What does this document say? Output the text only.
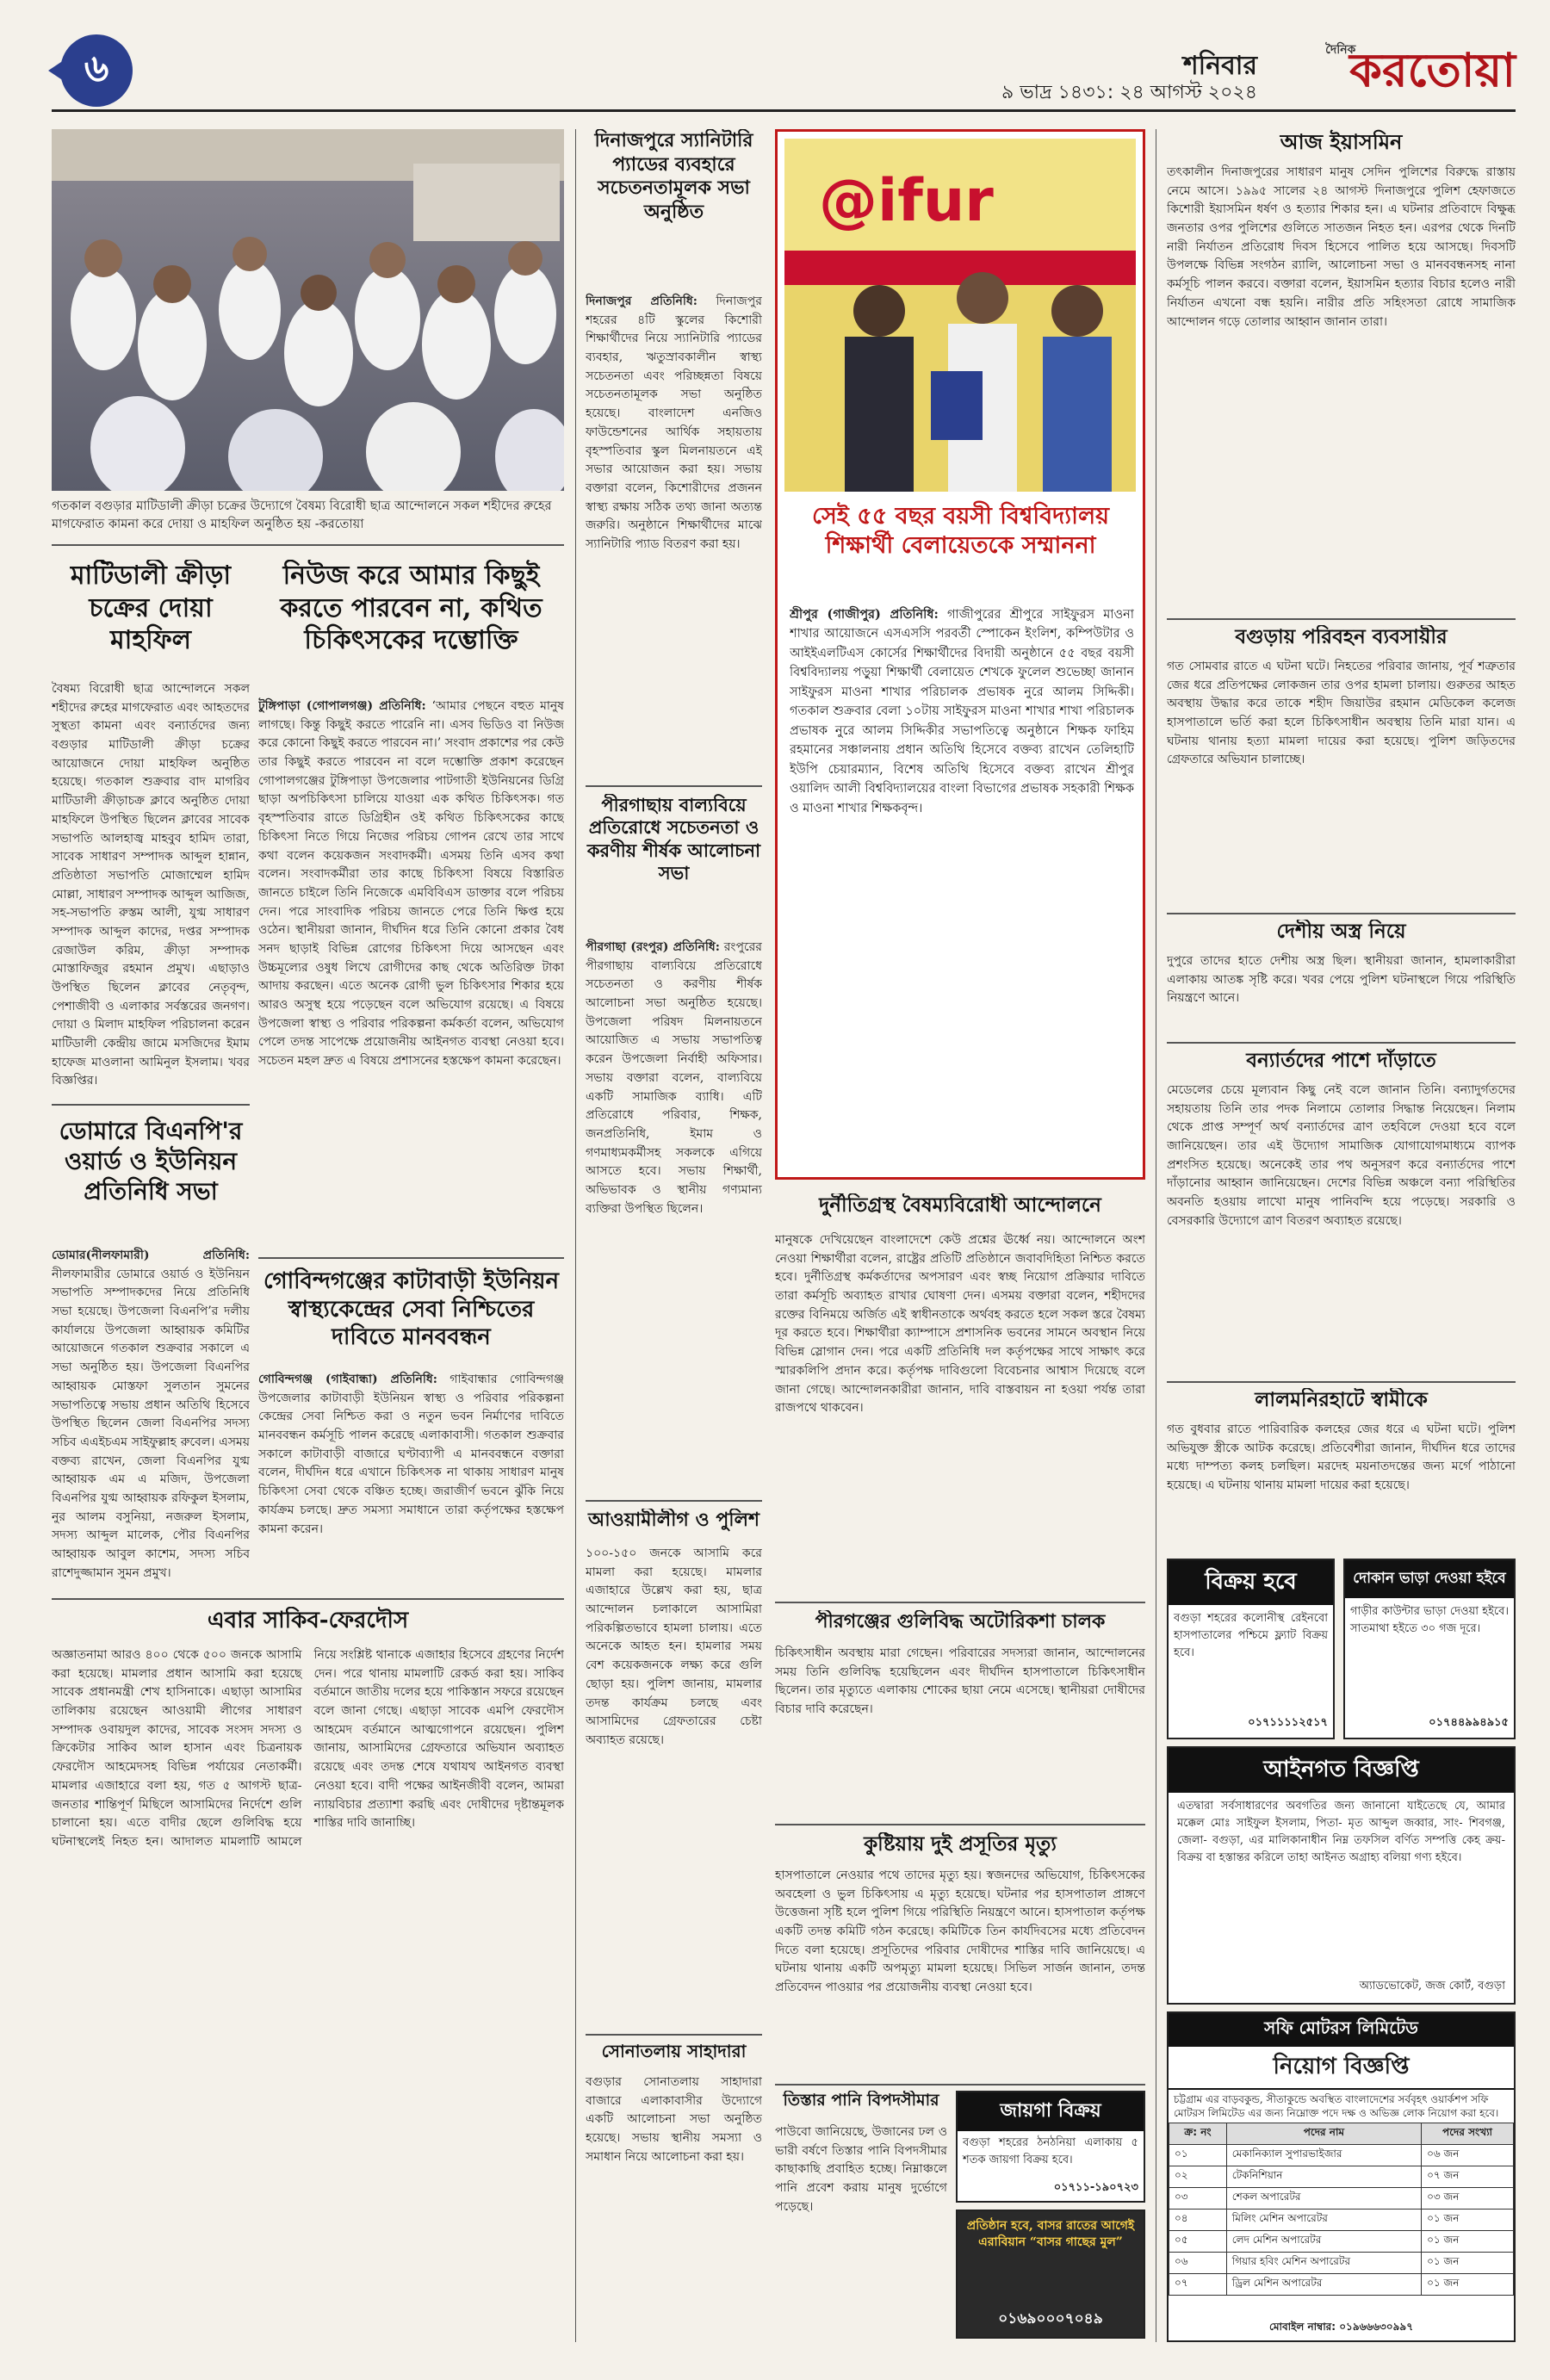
৬	শনিবার
৯ ভাদ্র ১৪৩১: ২৪ আগস্ট ২০২৪
দৈনিক
করতোয়া
গতকাল বগুড়ার মাটিডালী ক্রীড়া চক্রের উদ্যোগে বৈষম্য বিরোধী ছাত্র আন্দোলনে সকল শহীদের রুহের মাগফেরাত কামনা করে দোয়া ও মাহফিল অনুষ্ঠিত হয় -করতোয়া
মাটিডালী ক্রীড়া চক্রের দোয়া মাহফিল
বৈষম্য বিরোধী ছাত্র আন্দোলনে সকল শহীদের রুহের মাগফেরাত এবং আহতদের সুস্থতা কামনা এবং বন্যার্তদের জন্য বগুড়ার মাটিডালী ক্রীড়া চক্রের আয়োজনে দোয়া মাহফিল অনুষ্ঠিত হয়েছে। গতকাল শুক্রবার বাদ মাগরিব মাটিডালী ক্রীড়াচক্র ক্লাবে অনুষ্ঠিত দোয়া মাহফিলে উপস্থিত ছিলেন ক্লাবের সাবেক সভাপতি আলহাজ্ব মাহবুব হামিদ তারা, সাবেক সাধারণ সম্পাদক আব্দুল হান্নান, প্রতিষ্ঠাতা সভাপতি মোজাম্মেল হামিদ মোল্লা, সাধারণ সম্পাদক আব্দুল আজিজ, সহ-সভাপতি রুস্তম আলী, যুগ্ম সাধারণ সম্পাদক আব্দুল কাদের, দপ্তর সম্পাদক রেজাউল করিম, ক্রীড়া সম্পাদক মোস্তাফিজুর রহমান প্রমুখ। এছাড়াও উপস্থিত ছিলেন ক্লাবের নেতৃবৃন্দ, পেশাজীবী ও এলাকার সর্বস্তরের জনগণ। দোয়া ও মিলাদ মাহফিল পরিচালনা করেন মাটিডালী কেন্দ্রীয় জামে মসজিদের ইমাম হাফেজ মাওলানা আমিনুল ইসলাম। খবর বিজ্ঞপ্তির।
ডোমারে বিএনপি'র ওয়ার্ড ও ইউনিয়ন প্রতিনিধি সভা
ডোমার(নীলফামারী) প্রতিনিধি: নীলফামারীর ডোমারে ওয়ার্ড ও ইউনিয়ন সভাপতি সম্পাদকদের নিয়ে প্রতিনিধি সভা হয়েছে। উপজেলা বিএনপি’র দলীয় কার্যালয়ে উপজেলা আহ্বায়ক কমিটির আয়োজনে গতকাল শুক্রবার সকালে এ সভা অনুষ্ঠিত হয়। উপজেলা বিএনপির আহ্বায়ক মোস্তফা সুলতান সুমনের সভাপতিত্বে সভায় প্রধান অতিথি হিসেবে উপস্থিত ছিলেন জেলা বিএনপির সদস্য সচিব এএইচএম সাইফুল্লাহ রুবেল। এসময় বক্তব্য রাখেন, জেলা বিএনপির যুগ্ম আহ্বায়ক এম এ মজিদ, উপজেলা বিএনপির যুগ্ম আহ্বায়ক রফিকুল ইসলাম, নুর আলম বসুনিয়া, নজরুল ইসলাম, সদস্য আব্দুল মালেক, পৌর বিএনপির আহ্বায়ক আবুল কাশেম, সদস্য সচিব রাশেদুজ্জামান সুমন প্রমুখ।
নিউজ করে আমার কিছুই করতে পারবেন না, কথিত চিকিৎসকের দম্ভোক্তি
টুঙ্গিপাড়া (গোপালগঞ্জ) প্রতিনিধি: ‘আমার পেছনে বহুত মানুষ লাগছে। কিন্তু কিছুই করতে পারেনি না। এসব ভিডিও বা নিউজ করে কোনো কিছুই করতে পারবেন না।’ সংবাদ প্রকাশের পর কেউ তার কিছুই করতে পারবেন না বলে দম্ভোক্তি প্রকাশ করেছেন গোপালগঞ্জের টুঙ্গিপাড়া উপজেলার পাটগাতী ইউনিয়নের ডিগ্রি ছাড়া অপচিকিৎসা চালিয়ে যাওয়া এক কথিত চিকিৎসক। গত বৃহস্পতিবার রাতে ডিগ্রিহীন ওই কথিত চিকিৎসকের কাছে চিকিৎসা নিতে গিয়ে নিজের পরিচয় গোপন রেখে তার সাথে কথা বলেন কয়েকজন সংবাদকর্মী। এসময় তিনি এসব কথা বলেন। সংবাদকর্মীরা তার কাছে চিকিৎসা বিষয়ে বিস্তারিত জানতে চাইলে তিনি নিজেকে এমবিবিএস ডাক্তার বলে পরিচয় দেন। পরে সাংবাদিক পরিচয় জানতে পেরে তিনি ক্ষিপ্ত হয়ে ওঠেন। স্থানীয়রা জানান, দীর্ঘদিন ধরে তিনি কোনো প্রকার বৈধ সনদ ছাড়াই বিভিন্ন রোগের চিকিৎসা দিয়ে আসছেন এবং উচ্চমূল্যের ওষুধ লিখে রোগীদের কাছ থেকে অতিরিক্ত টাকা আদায় করছেন। এতে অনেক রোগী ভুল চিকিৎসার শিকার হয়ে আরও অসুস্থ হয়ে পড়েছেন বলে অভিযোগ রয়েছে। এ বিষয়ে উপজেলা স্বাস্থ্য ও পরিবার পরিকল্পনা কর্মকর্তা বলেন, অভিযোগ পেলে তদন্ত সাপেক্ষে প্রয়োজনীয় আইনগত ব্যবস্থা নেওয়া হবে। সচেতন মহল দ্রুত এ বিষয়ে প্রশাসনের হস্তক্ষেপ কামনা করেছেন।
গোবিন্দগঞ্জের কাটাবাড়ী ইউনিয়ন স্বাস্থ্যকেন্দ্রের সেবা নিশ্চিতের দাবিতে মানববন্ধন
গোবিন্দগঞ্জ (গাইবান্ধা) প্রতিনিধি: গাইবান্ধার গোবিন্দগঞ্জ উপজেলার কাটাবাড়ী ইউনিয়ন স্বাস্থ্য ও পরিবার পরিকল্পনা কেন্দ্রের সেবা নিশ্চিত করা ও নতুন ভবন নির্মাণের দাবিতে মানববন্ধন কর্মসূচি পালন করেছে এলাকাবাসী। গতকাল শুক্রবার সকালে কাটাবাড়ী বাজারে ঘণ্টাব্যাপী এ মানববন্ধনে বক্তারা বলেন, দীর্ঘদিন ধরে এখানে চিকিৎসক না থাকায় সাধারণ মানুষ চিকিৎসা সেবা থেকে বঞ্চিত হচ্ছে। জরাজীর্ণ ভবনে ঝুঁকি নিয়ে কার্যক্রম চলছে। দ্রুত সমস্যা সমাধানে তারা কর্তৃপক্ষের হস্তক্ষেপ কামনা করেন।
এবার সাকিব-ফেরদৌস
অজ্ঞাতনামা আরও ৪০০ থেকে ৫০০ জনকে আসামি করা হয়েছে। মামলার প্রধান আসামি করা হয়েছে সাবেক প্রধানমন্ত্রী শেখ হাসিনাকে। এছাড়া আসামির তালিকায় রয়েছেন আওয়ামী লীগের সাধারণ সম্পাদক ওবায়দুল কাদের, সাবেক সংসদ সদস্য ও ক্রিকেটার সাকিব আল হাসান এবং চিত্রনায়ক ফেরদৌস আহমেদসহ বিভিন্ন পর্যায়ের নেতাকর্মী। মামলার এজাহারে বলা হয়, গত ৫ আগস্ট ছাত্র-জনতার শান্তিপূর্ণ মিছিলে আসামিদের নির্দেশে গুলি চালানো হয়। এতে বাদীর ছেলে গুলিবিদ্ধ হয়ে ঘটনাস্থলেই নিহত হন। আদালত মামলাটি আমলে নিয়ে সংশ্লিষ্ট থানাকে এজাহার হিসেবে গ্রহণের নির্দেশ দেন। পরে থানায় মামলাটি রেকর্ড করা হয়। সাকিব বর্তমানে জাতীয় দলের হয়ে পাকিস্তান সফরে রয়েছেন বলে জানা গেছে। এছাড়া সাবেক এমপি ফেরদৌস আহমেদ বর্তমানে আত্মগোপনে রয়েছেন। পুলিশ জানায়, আসামিদের গ্রেফতারে অভিযান অব্যাহত রয়েছে এবং তদন্ত শেষে যথাযথ আইনগত ব্যবস্থা নেওয়া হবে। বাদী পক্ষের আইনজীবী বলেন, আমরা ন্যায়বিচার প্রত্যাশা করছি এবং দোষীদের দৃষ্টান্তমূলক শাস্তির দাবি জানাচ্ছি।
দিনাজপুরে স্যানিটারি প্যাডের ব্যবহারে সচেতনতামূলক সভা অনুষ্ঠিত
দিনাজপুর প্রতিনিধি: দিনাজপুর শহরের ৪টি স্কুলের কিশোরী শিক্ষার্থীদের নিয়ে স্যানিটারি প্যাডের ব্যবহার, ঋতুস্রাবকালীন স্বাস্থ্য সচেতনতা এবং পরিচ্ছন্নতা বিষয়ে সচেতনতামূলক সভা অনুষ্ঠিত হয়েছে। বাংলাদেশ এনজিও ফাউন্ডেশনের আর্থিক সহায়তায় বৃহস্পতিবার স্কুল মিলনায়তনে এই সভার আয়োজন করা হয়। সভায় বক্তারা বলেন, কিশোরীদের প্রজনন স্বাস্থ্য রক্ষায় সঠিক তথ্য জানা অত্যন্ত জরুরি। অনুষ্ঠানে শিক্ষার্থীদের মাঝে স্যানিটারি প্যাড বিতরণ করা হয়।
পীরগাছায় বাল্যবিয়ে প্রতিরোধে সচেতনতা ও করণীয় শীর্ষক আলোচনা সভা
পীরগাছা (রংপুর) প্রতিনিধি: রংপুরের পীরগাছায় বাল্যবিয়ে প্রতিরোধে সচেতনতা ও করণীয় শীর্ষক আলোচনা সভা অনুষ্ঠিত হয়েছে। উপজেলা পরিষদ মিলনায়তনে আয়োজিত এ সভায় সভাপতিত্ব করেন উপজেলা নির্বাহী অফিসার। সভায় বক্তারা বলেন, বাল্যবিয়ে একটি সামাজিক ব্যাধি। এটি প্রতিরোধে পরিবার, শিক্ষক, জনপ্রতিনিধি, ইমাম ও গণমাধ্যমকর্মীসহ সকলকে এগিয়ে আসতে হবে। সভায় শিক্ষার্থী, অভিভাবক ও স্থানীয় গণ্যমান্য ব্যক্তিরা উপস্থিত ছিলেন।
আওয়ামীলীগ ও পুলিশ
১০০-১৫০ জনকে আসামি করে মামলা করা হয়েছে। মামলার এজাহারে উল্লেখ করা হয়, ছাত্র আন্দোলন চলাকালে আসামিরা পরিকল্পিতভাবে হামলা চালায়। এতে অনেকে আহত হন। হামলার সময় বেশ কয়েকজনকে লক্ষ্য করে গুলি ছোড়া হয়। পুলিশ জানায়, মামলার তদন্ত কার্যক্রম চলছে এবং আসামিদের গ্রেফতারের চেষ্টা অব্যাহত রয়েছে।
সোনাতলায় সাহাদারা
বগুড়ার সোনাতলায় সাহাদারা বাজারে এলাকাবাসীর উদ্যোগে একটি আলোচনা সভা অনুষ্ঠিত হয়েছে। সভায় স্থানীয় সমস্যা ও সমাধান নিয়ে আলোচনা করা হয়।
@ifur
সেই ৫৫ বছর বয়সী বিশ্ববিদ্যালয় শিক্ষার্থী বেলায়েতকে সম্মাননা
শ্রীপুর (গাজীপুর) প্রতিনিধি: গাজীপুরের শ্রীপুরে সাইফুরস মাওনা শাখার আয়োজনে এসএসসি পরবর্তী স্পোকেন ইংলিশ, কম্পিউটার ও আইইএলটিএস কোর্সের শিক্ষার্থীদের বিদায়ী অনুষ্ঠানে ৫৫ বছর বয়সী বিশ্ববিদ্যালয় পড়ুয়া শিক্ষার্থী বেলায়েত শেখকে ফুলেল শুভেচ্ছা জানান সাইফুরস মাওনা শাখার পরিচালক প্রভাষক নুরে আলম সিদ্দিকী। গতকাল শুক্রবার বেলা ১০টায় সাইফুরস মাওনা শাখার শাখা পরিচালক প্রভাষক নুরে আলম সিদ্দিকীর সভাপতিত্বে অনুষ্ঠানে শিক্ষক ফাহিম রহমানের সঞ্চালনায় প্রধান অতিথি হিসেবে বক্তব্য রাখেন তেলিহাটি ইউপি চেয়ারম্যান, বিশেষ অতিথি হিসেবে বক্তব্য রাখেন শ্রীপুর ওয়ালিদ আলী বিশ্ববিদ্যালয়ের বাংলা বিভাগের প্রভাষক সহকারী শিক্ষক ও মাওনা শাখার শিক্ষকবৃন্দ।
দুর্নীতিগ্রস্থ বৈষম্যবিরোধী আন্দোলনে
মানুষকে দেখিয়েছেন বাংলাদেশে কেউ প্রশ্নের ঊর্ধ্বে নয়। আন্দোলনে অংশ নেওয়া শিক্ষার্থীরা বলেন, রাষ্ট্রের প্রতিটি প্রতিষ্ঠানে জবাবদিহিতা নিশ্চিত করতে হবে। দুর্নীতিগ্রস্থ কর্মকর্তাদের অপসারণ এবং স্বচ্ছ নিয়োগ প্রক্রিয়ার দাবিতে তারা কর্মসূচি অব্যাহত রাখার ঘোষণা দেন। এসময় বক্তারা বলেন, শহীদদের রক্তের বিনিময়ে অর্জিত এই স্বাধীনতাকে অর্থবহ করতে হলে সকল স্তরে বৈষম্য দূর করতে হবে। শিক্ষার্থীরা ক্যাম্পাসে প্রশাসনিক ভবনের সামনে অবস্থান নিয়ে বিভিন্ন স্লোগান দেন। পরে একটি প্রতিনিধি দল কর্তৃপক্ষের সাথে সাক্ষাৎ করে স্মারকলিপি প্রদান করে। কর্তৃপক্ষ দাবিগুলো বিবেচনার আশ্বাস দিয়েছে বলে জানা গেছে। আন্দোলনকারীরা জানান, দাবি বাস্তবায়ন না হওয়া পর্যন্ত তারা রাজপথে থাকবেন।
পীরগঞ্জের গুলিবিদ্ধ অটোরিকশা চালক
চিকিৎসাধীন অবস্থায় মারা গেছেন। পরিবারের সদস্যরা জানান, আন্দোলনের সময় তিনি গুলিবিদ্ধ হয়েছিলেন এবং দীর্ঘদিন হাসপাতালে চিকিৎসাধীন ছিলেন। তার মৃত্যুতে এলাকায় শোকের ছায়া নেমে এসেছে। স্থানীয়রা দোষীদের বিচার দাবি করেছেন।
কুষ্টিয়ায় দুই প্রসূতির মৃত্যু
হাসপাতালে নেওয়ার পথে তাদের মৃত্যু হয়। স্বজনদের অভিযোগ, চিকিৎসকের অবহেলা ও ভুল চিকিৎসায় এ মৃত্যু হয়েছে। ঘটনার পর হাসপাতাল প্রাঙ্গণে উত্তেজনা সৃষ্টি হলে পুলিশ গিয়ে পরিস্থিতি নিয়ন্ত্রণে আনে। হাসপাতাল কর্তৃপক্ষ একটি তদন্ত কমিটি গঠন করেছে। কমিটিকে তিন কার্যদিবসের মধ্যে প্রতিবেদন দিতে বলা হয়েছে। প্রসূতিদের পরিবার দোষীদের শাস্তির দাবি জানিয়েছে। এ ঘটনায় থানায় একটি অপমৃত্যু মামলা হয়েছে। সিভিল সার্জন জানান, তদন্ত প্রতিবেদন পাওয়ার পর প্রয়োজনীয় ব্যবস্থা নেওয়া হবে।
তিস্তার পানি বিপদসীমার
পাউবো জানিয়েছে, উজানের ঢল ও ভারী বর্ষণে তিস্তার পানি বিপদসীমার কাছাকাছি প্রবাহিত হচ্ছে। নিম্নাঞ্চলে পানি প্রবেশ করায় মানুষ দুর্ভোগে পড়েছে।
জায়গা বিক্রয়
বগুড়া শহরের ঠনঠনিয়া এলাকায় ৫ শতক জায়গা বিক্রয় হবে।
০১৭১১-১৯০৭২৩
প্রতিষ্ঠান হবে, বাসর রাতের আগেই এরাবিয়ান “বাসর গাছের মুল”
০১৬৯০০০৭০৪৯
আজ ইয়াসমিন
তৎকালীন দিনাজপুরের সাধারণ মানুষ সেদিন পুলিশের বিরুদ্ধে রাস্তায় নেমে আসে। ১৯৯৫ সালের ২৪ আগস্ট দিনাজপুরে পুলিশ হেফাজতে কিশোরী ইয়াসমিন ধর্ষণ ও হত্যার শিকার হন। এ ঘটনার প্রতিবাদে বিক্ষুব্ধ জনতার ওপর পুলিশের গুলিতে সাতজন নিহত হন। এরপর থেকে দিনটি নারী নির্যাতন প্রতিরোধ দিবস হিসেবে পালিত হয়ে আসছে। দিবসটি উপলক্ষে বিভিন্ন সংগঠন র‌্যালি, আলোচনা সভা ও মানববন্ধনসহ নানা কর্মসূচি পালন করবে। বক্তারা বলেন, ইয়াসমিন হত্যার বিচার হলেও নারী নির্যাতন এখনো বন্ধ হয়নি। নারীর প্রতি সহিংসতা রোধে সামাজিক আন্দোলন গড়ে তোলার আহ্বান জানান তারা।
বগুড়ায় পরিবহন ব্যবসায়ীর
গত সোমবার রাতে এ ঘটনা ঘটে। নিহতের পরিবার জানায়, পূর্ব শত্রুতার জের ধরে প্রতিপক্ষের লোকজন তার ওপর হামলা চালায়। গুরুতর আহত অবস্থায় উদ্ধার করে তাকে শহীদ জিয়াউর রহমান মেডিকেল কলেজ হাসপাতালে ভর্তি করা হলে চিকিৎসাধীন অবস্থায় তিনি মারা যান। এ ঘটনায় থানায় হত্যা মামলা দায়ের করা হয়েছে। পুলিশ জড়িতদের গ্রেফতারে অভিযান চালাচ্ছে।
দেশীয় অস্ত্র নিয়ে
দুপুরে তাদের হাতে দেশীয় অস্ত্র ছিল। স্থানীয়রা জানান, হামলাকারীরা এলাকায় আতঙ্ক সৃষ্টি করে। খবর পেয়ে পুলিশ ঘটনাস্থলে গিয়ে পরিস্থিতি নিয়ন্ত্রণে আনে।
বন্যার্তদের পাশে দাঁড়াতে
মেডেলের চেয়ে মূল্যবান কিছু নেই বলে জানান তিনি। বন্যাদুর্গতদের সহায়তায় তিনি তার পদক নিলামে তোলার সিদ্ধান্ত নিয়েছেন। নিলাম থেকে প্রাপ্ত সম্পূর্ণ অর্থ বন্যার্তদের ত্রাণ তহবিলে দেওয়া হবে বলে জানিয়েছেন। তার এই উদ্যোগ সামাজিক যোগাযোগমাধ্যমে ব্যাপক প্রশংসিত হয়েছে। অনেকেই তার পথ অনুসরণ করে বন্যার্তদের পাশে দাঁড়ানোর আহ্বান জানিয়েছেন। দেশের বিভিন্ন অঞ্চলে বন্যা পরিস্থিতির অবনতি হওয়ায় লাখো মানুষ পানিবন্দি হয়ে পড়েছে। সরকারি ও বেসরকারি উদ্যোগে ত্রাণ বিতরণ অব্যাহত রয়েছে।
লালমনিরহাটে স্বামীকে
গত বুধবার রাতে পারিবারিক কলহের জের ধরে এ ঘটনা ঘটে। পুলিশ অভিযুক্ত স্ত্রীকে আটক করেছে। প্রতিবেশীরা জানান, দীর্ঘদিন ধরে তাদের মধ্যে দাম্পত্য কলহ চলছিল। মরদেহ ময়নাতদন্তের জন্য মর্গে পাঠানো হয়েছে। এ ঘটনায় থানায় মামলা দায়ের করা হয়েছে।
বিক্রয় হবে
বগুড়া শহরের কলোনীস্থ রেইনবো হাসপাতালের পশ্চিমে ফ্ল্যাট বিক্রয় হবে।
০১৭১১১১২৫১৭
দোকান ভাড়া দেওয়া হইবে
গাড়ীর কাউন্টার ভাড়া দেওয়া হইবে। সাতমাথা হইতে ৩০ গজ দূরে।
০১৭৪৪৯৯৪৯১৫
আইনগত বিজ্ঞপ্তি
এতদ্বারা সর্বসাধারণের অবগতির জন্য জানানো যাইতেছে যে, আমার মক্কেল মোঃ সাইফুল ইসলাম, পিতা- মৃত আব্দুল জব্বার, সাং- শিবগঞ্জ, জেলা- বগুড়া, এর মালিকানাধীন নিম্ন তফসিল বর্ণিত সম্পত্তি কেহ ক্রয়-বিক্রয় বা হস্তান্তর করিলে তাহা আইনত অগ্রাহ্য বলিয়া গণ্য হইবে।
অ্যাডভোকেট, জজ কোর্ট, বগুড়া
সফি মোটরস লিমিটেড
নিয়োগ বিজ্ঞপ্তি
চট্টগ্রাম এর বাড়বকুন্ড, সীতাকুন্ডে অবস্থিত বাংলাদেশের সর্ববৃহৎ ওয়ার্কশপ সফি মোটরস লিমিটেড এর জন্য নিম্নোক্ত পদে দক্ষ ও অভিজ্ঞ লোক নিয়োগ করা হবে।
ক্র: নং	পদের নাম	পদের সংখ্যা
০১	মেকানিক্যাল সুপারভাইজার	০৬ জন
০২	টেকনিশিয়ান	০৭ জন
০৩	শেকল অপারেটর	০৩ জন
০৪	মিলিং মেশিন অপারেটর	০১ জন
০৫	লেদ মেশিন অপারেটর	০১ জন
০৬	গিয়ার হবিং মেশিন অপারেটর	০১ জন
০৭	ড্রিল মেশিন অপারেটর	০১ জন
মোবাইল নাম্বার: ০১৯৬৬৬৩০৯৯৭
